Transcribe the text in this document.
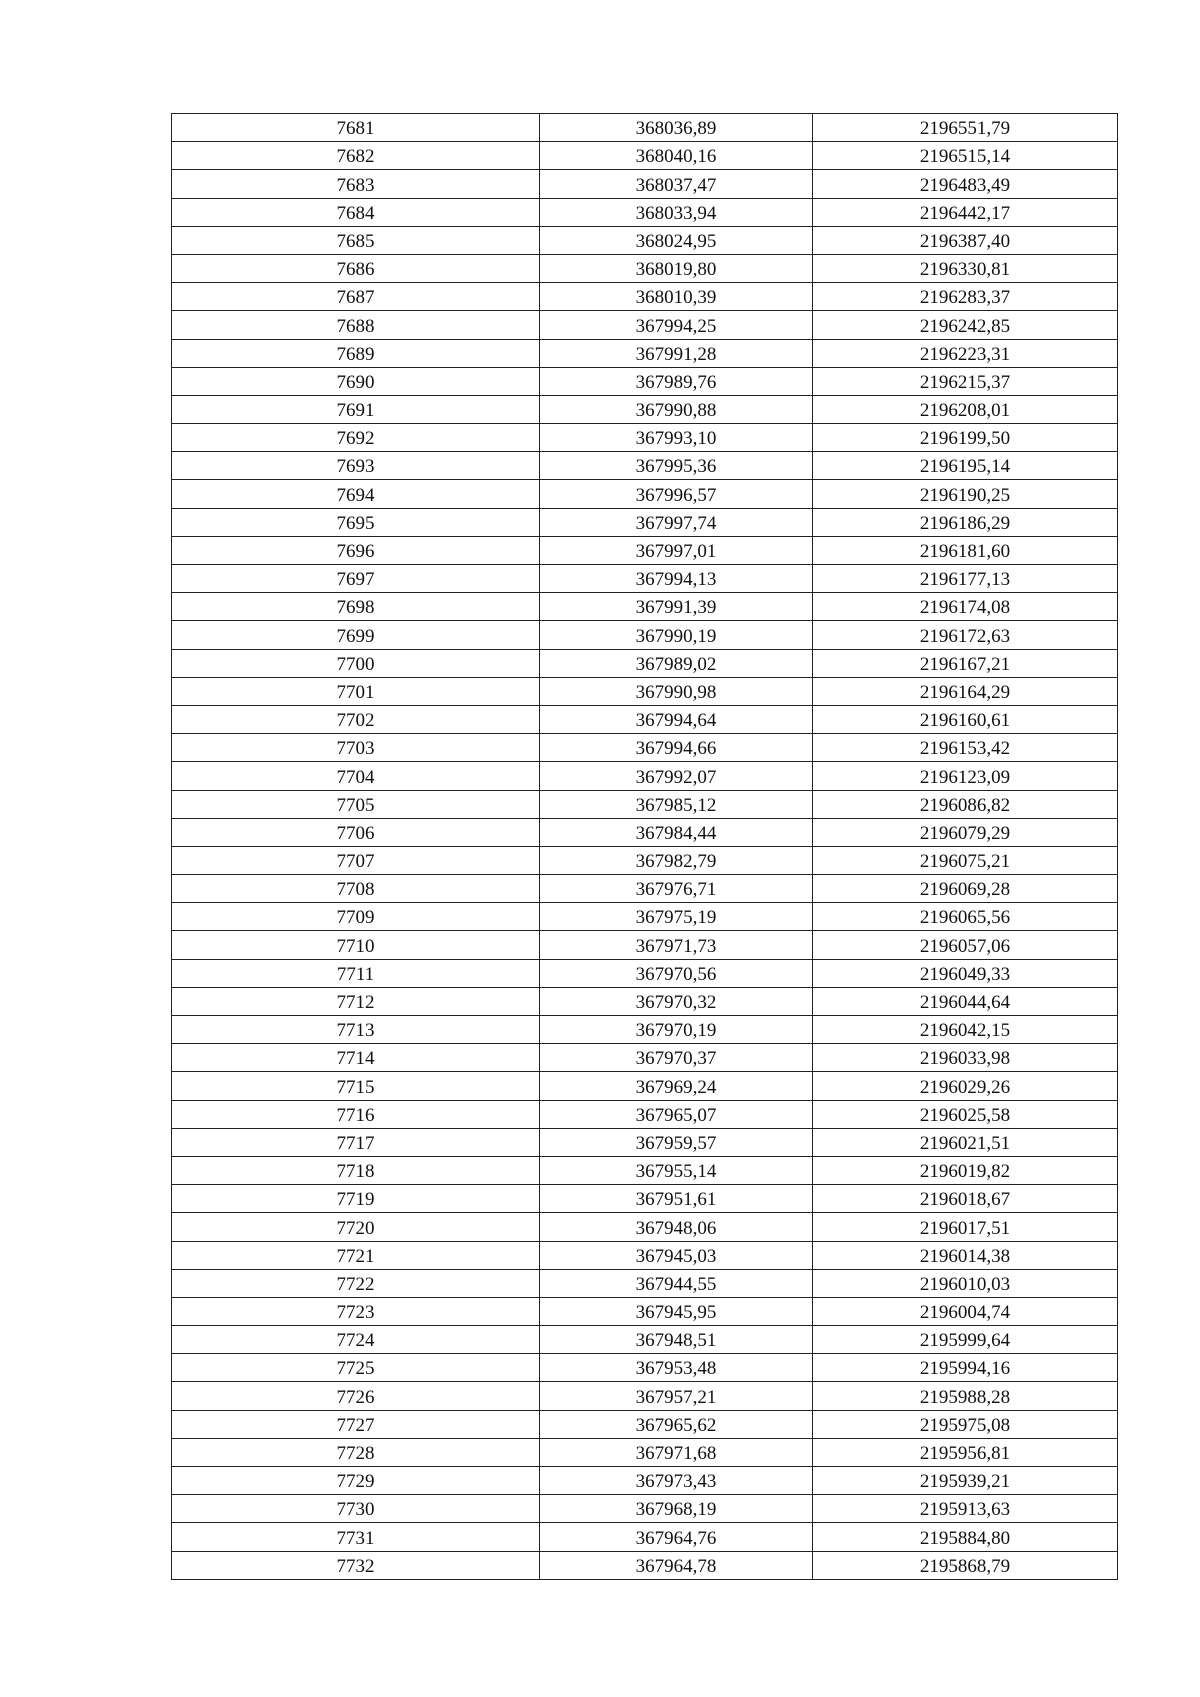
7681	368036,89	2196551,79
7682	368040,16	2196515,14
7683	368037,47	2196483,49
7684	368033,94	2196442,17
7685	368024,95	2196387,40
7686	368019,80	2196330,81
7687	368010,39	2196283,37
7688	367994,25	2196242,85
7689	367991,28	2196223,31
7690	367989,76	2196215,37
7691	367990,88	2196208,01
7692	367993,10	2196199,50
7693	367995,36	2196195,14
7694	367996,57	2196190,25
7695	367997,74	2196186,29
7696	367997,01	2196181,60
7697	367994,13	2196177,13
7698	367991,39	2196174,08
7699	367990,19	2196172,63
7700	367989,02	2196167,21
7701	367990,98	2196164,29
7702	367994,64	2196160,61
7703	367994,66	2196153,42
7704	367992,07	2196123,09
7705	367985,12	2196086,82
7706	367984,44	2196079,29
7707	367982,79	2196075,21
7708	367976,71	2196069,28
7709	367975,19	2196065,56
7710	367971,73	2196057,06
7711	367970,56	2196049,33
7712	367970,32	2196044,64
7713	367970,19	2196042,15
7714	367970,37	2196033,98
7715	367969,24	2196029,26
7716	367965,07	2196025,58
7717	367959,57	2196021,51
7718	367955,14	2196019,82
7719	367951,61	2196018,67
7720	367948,06	2196017,51
7721	367945,03	2196014,38
7722	367944,55	2196010,03
7723	367945,95	2196004,74
7724	367948,51	2195999,64
7725	367953,48	2195994,16
7726	367957,21	2195988,28
7727	367965,62	2195975,08
7728	367971,68	2195956,81
7729	367973,43	2195939,21
7730	367968,19	2195913,63
7731	367964,76	2195884,80
7732	367964,78	2195868,79
